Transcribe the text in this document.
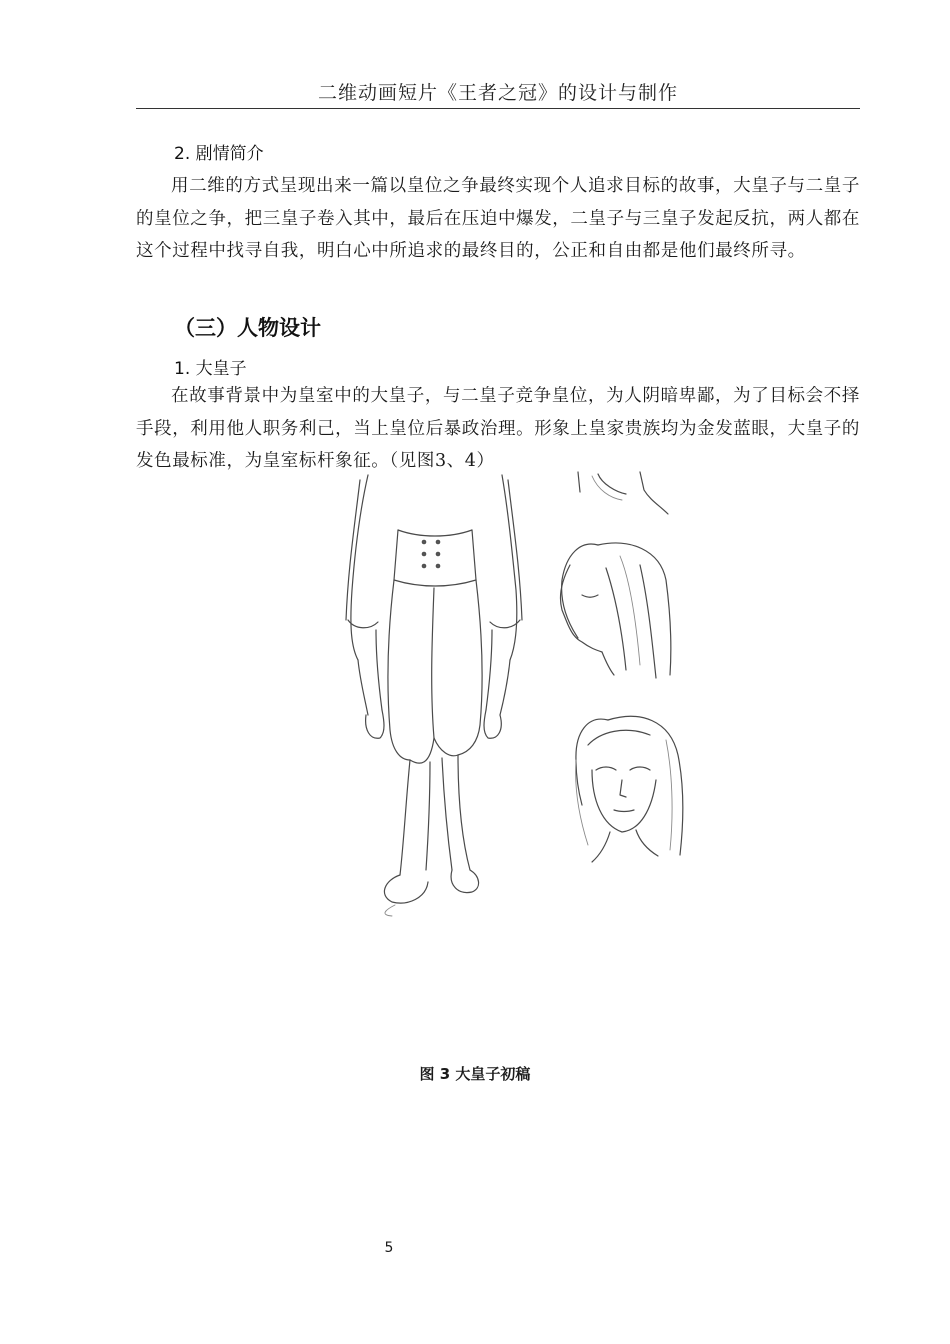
二维动画短片《王者之冠》的设计与制作
2. 剧情简介

用二维的方式呈现出来一篇以皇位之争最终实现个人追求目标的故事，大皇子与二皇子的皇位之争，把三皇子卷入其中，最后在压迫中爆发，二皇子与三皇子发起反抗，两人都在这个过程中找寻自我，明白心中所追求的最终目的，公正和自由都是他们最终所寻。

（三）人物设计
1. 大皇子

在故事背景中为皇室中的大皇子，与二皇子竞争皇位，为人阴暗卑鄙，为了目标会不择手段，利用他人职务利己，当上皇位后暴政治理。形象上皇家贵族均为金发蓝眼，大皇子的发色最标准，为皇室标杆象征。（见图3、4）

图 3 大皇子初稿
5
